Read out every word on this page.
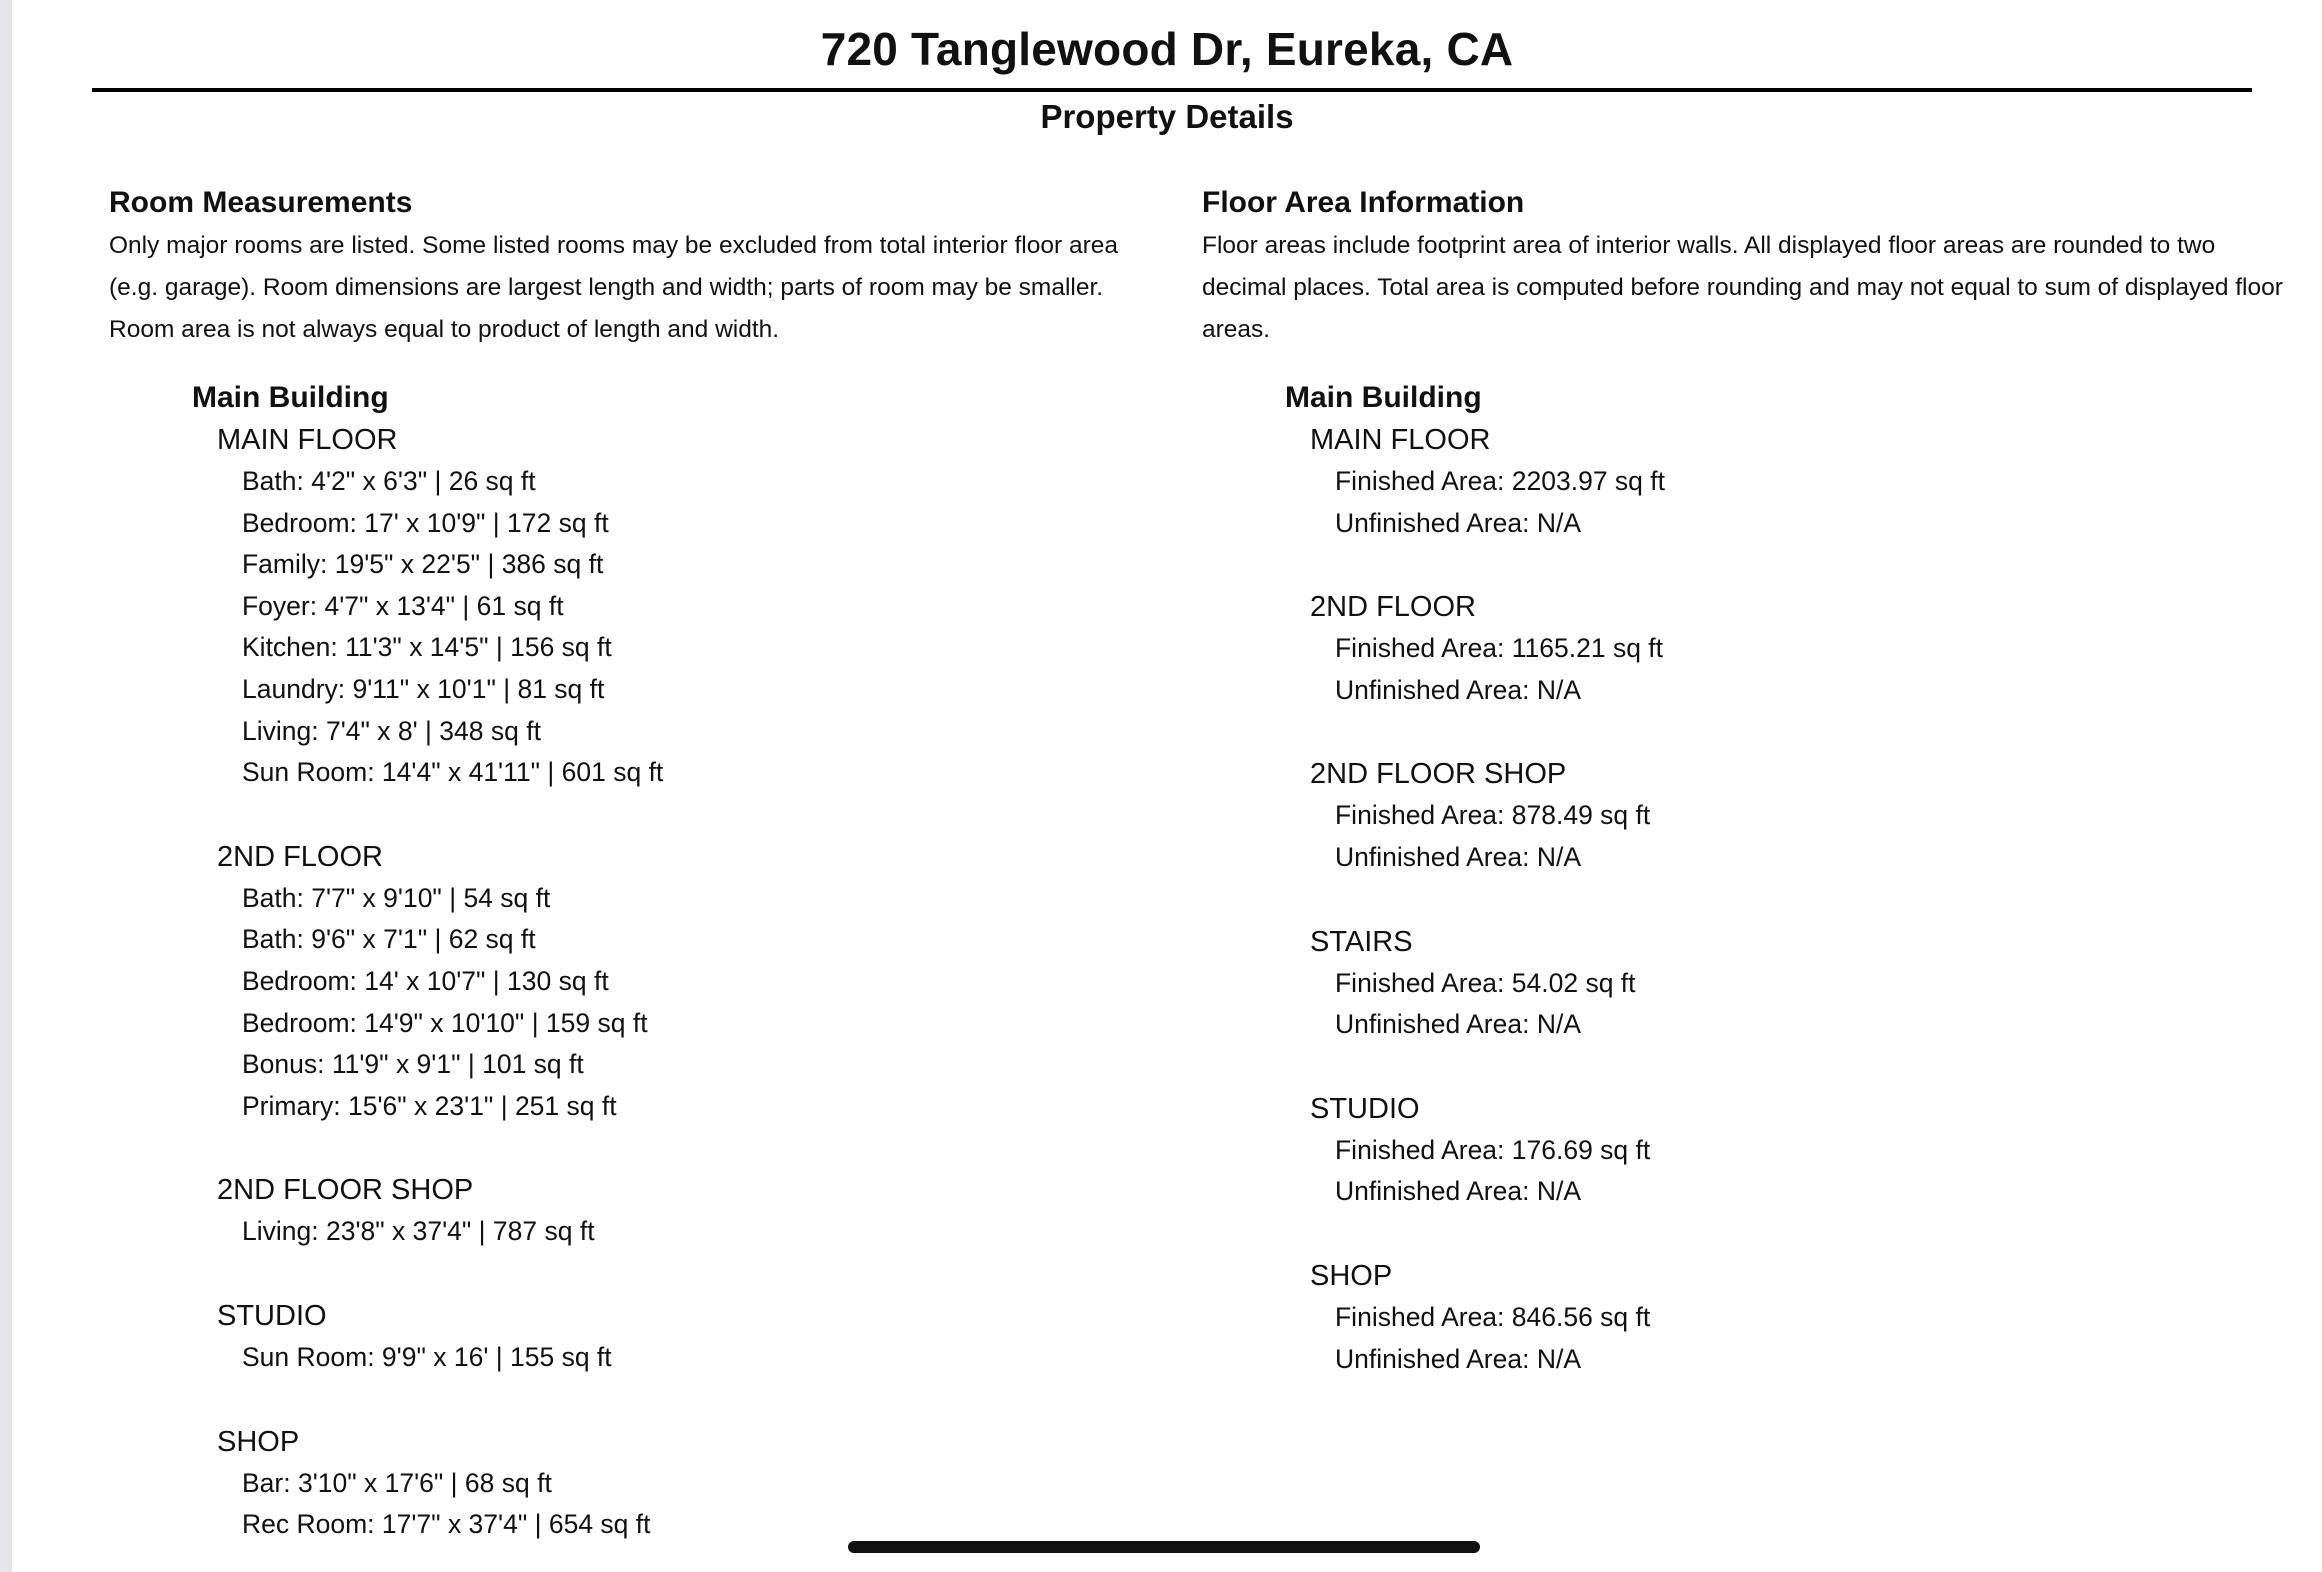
720 Tanglewood Dr, Eureka, CA
Property Details
Room Measurements
Only major rooms are listed. Some listed rooms may be excluded from total interior floor area (e.g. garage). Room dimensions are largest length and width; parts of room may be smaller. Room area is not always equal to product of length and width.
Main Building
MAIN FLOOR
Bath: 4'2" x 6'3" | 26 sq ft
Bedroom: 17' x 10'9" | 172 sq ft
Family: 19'5" x 22'5" | 386 sq ft
Foyer: 4'7" x 13'4" | 61 sq ft
Kitchen: 11'3" x 14'5" | 156 sq ft
Laundry: 9'11" x 10'1" | 81 sq ft
Living: 7'4" x 8' | 348 sq ft
Sun Room: 14'4" x 41'11" | 601 sq ft
2ND FLOOR
Bath: 7'7" x 9'10" | 54 sq ft
Bath: 9'6" x 7'1" | 62 sq ft
Bedroom: 14' x 10'7" | 130 sq ft
Bedroom: 14'9" x 10'10" | 159 sq ft
Bonus: 11'9" x 9'1" | 101 sq ft
Primary: 15'6" x 23'1" | 251 sq ft
2ND FLOOR SHOP
Living: 23'8" x 37'4" | 787 sq ft
STUDIO
Sun Room: 9'9" x 16' | 155 sq ft
SHOP
Bar: 3'10" x 17'6" | 68 sq ft
Rec Room: 17'7" x 37'4" | 654 sq ft
Floor Area Information
Floor areas include footprint area of interior walls. All displayed floor areas are rounded to two decimal places. Total area is computed before rounding and may not equal to sum of displayed floor areas.
Main Building
MAIN FLOOR
Finished Area: 2203.97 sq ft
Unfinished Area: N/A
2ND FLOOR
Finished Area: 1165.21 sq ft
Unfinished Area: N/A
2ND FLOOR SHOP
Finished Area: 878.49 sq ft
Unfinished Area: N/A
STAIRS
Finished Area: 54.02 sq ft
Unfinished Area: N/A
STUDIO
Finished Area: 176.69 sq ft
Unfinished Area: N/A
SHOP
Finished Area: 846.56 sq ft
Unfinished Area: N/A
